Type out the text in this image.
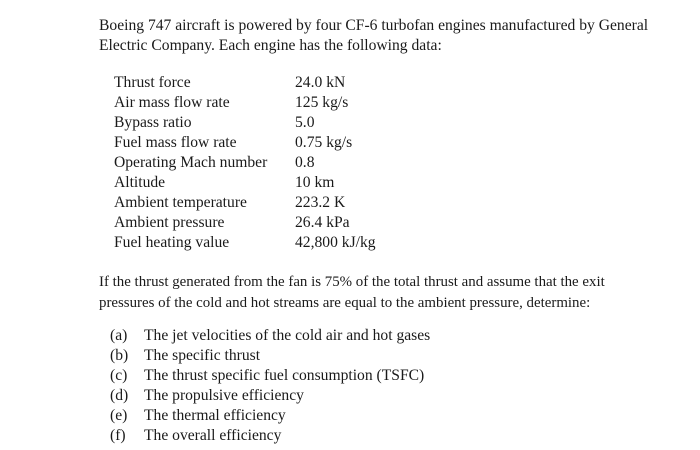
Boeing 747 aircraft is powered by four CF-6 turbofan engines manufactured by General Electric Company. Each engine has the following data:

Thrust force	24.0 kN
Air mass flow rate	125 kg/s
Bypass ratio	5.0
Fuel mass flow rate	0.75 kg/s
Operating Mach number	0.8
Altitude	10 km
Ambient temperature	223.2 K
Ambient pressure	26.4 kPa
Fuel heating value	42,800 kJ/kg

If the thrust generated from the fan is 75% of the total thrust and assume that the exit pressures of the cold and hot streams are equal to the ambient pressure, determine:

(a) The jet velocities of the cold air and hot gases
(b) The specific thrust
(c) The thrust specific fuel consumption (TSFC)
(d) The propulsive efficiency
(e) The thermal efficiency
(f) The overall efficiency
